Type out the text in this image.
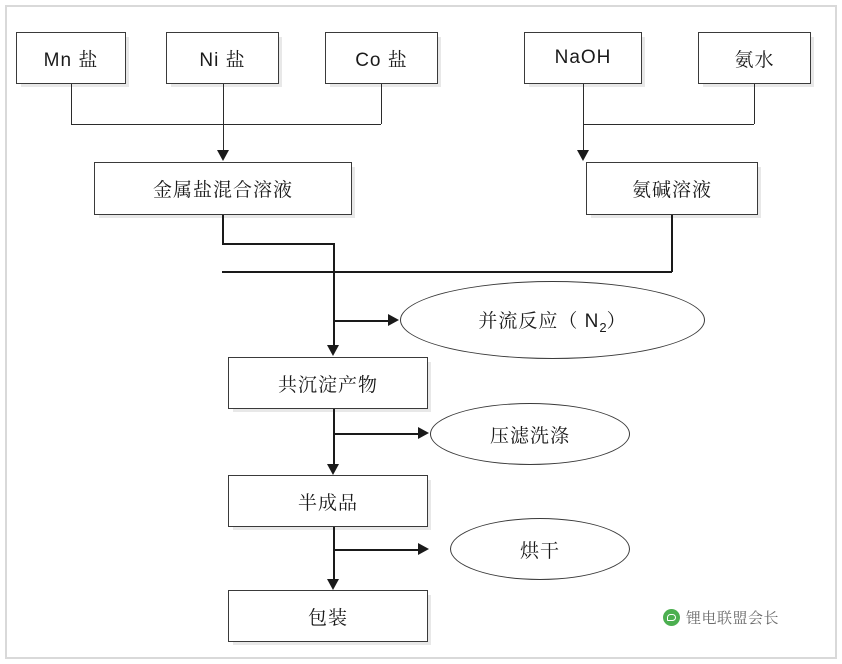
Mn 盐	Ni 盐	Co 盐	NaOH	氨水
金属盐混合溶液	氨碱溶液
并流反应（ $N_2$）
共沉淀产物
压滤洗涤
半成品
烘干
包装	锂电联盟会长
